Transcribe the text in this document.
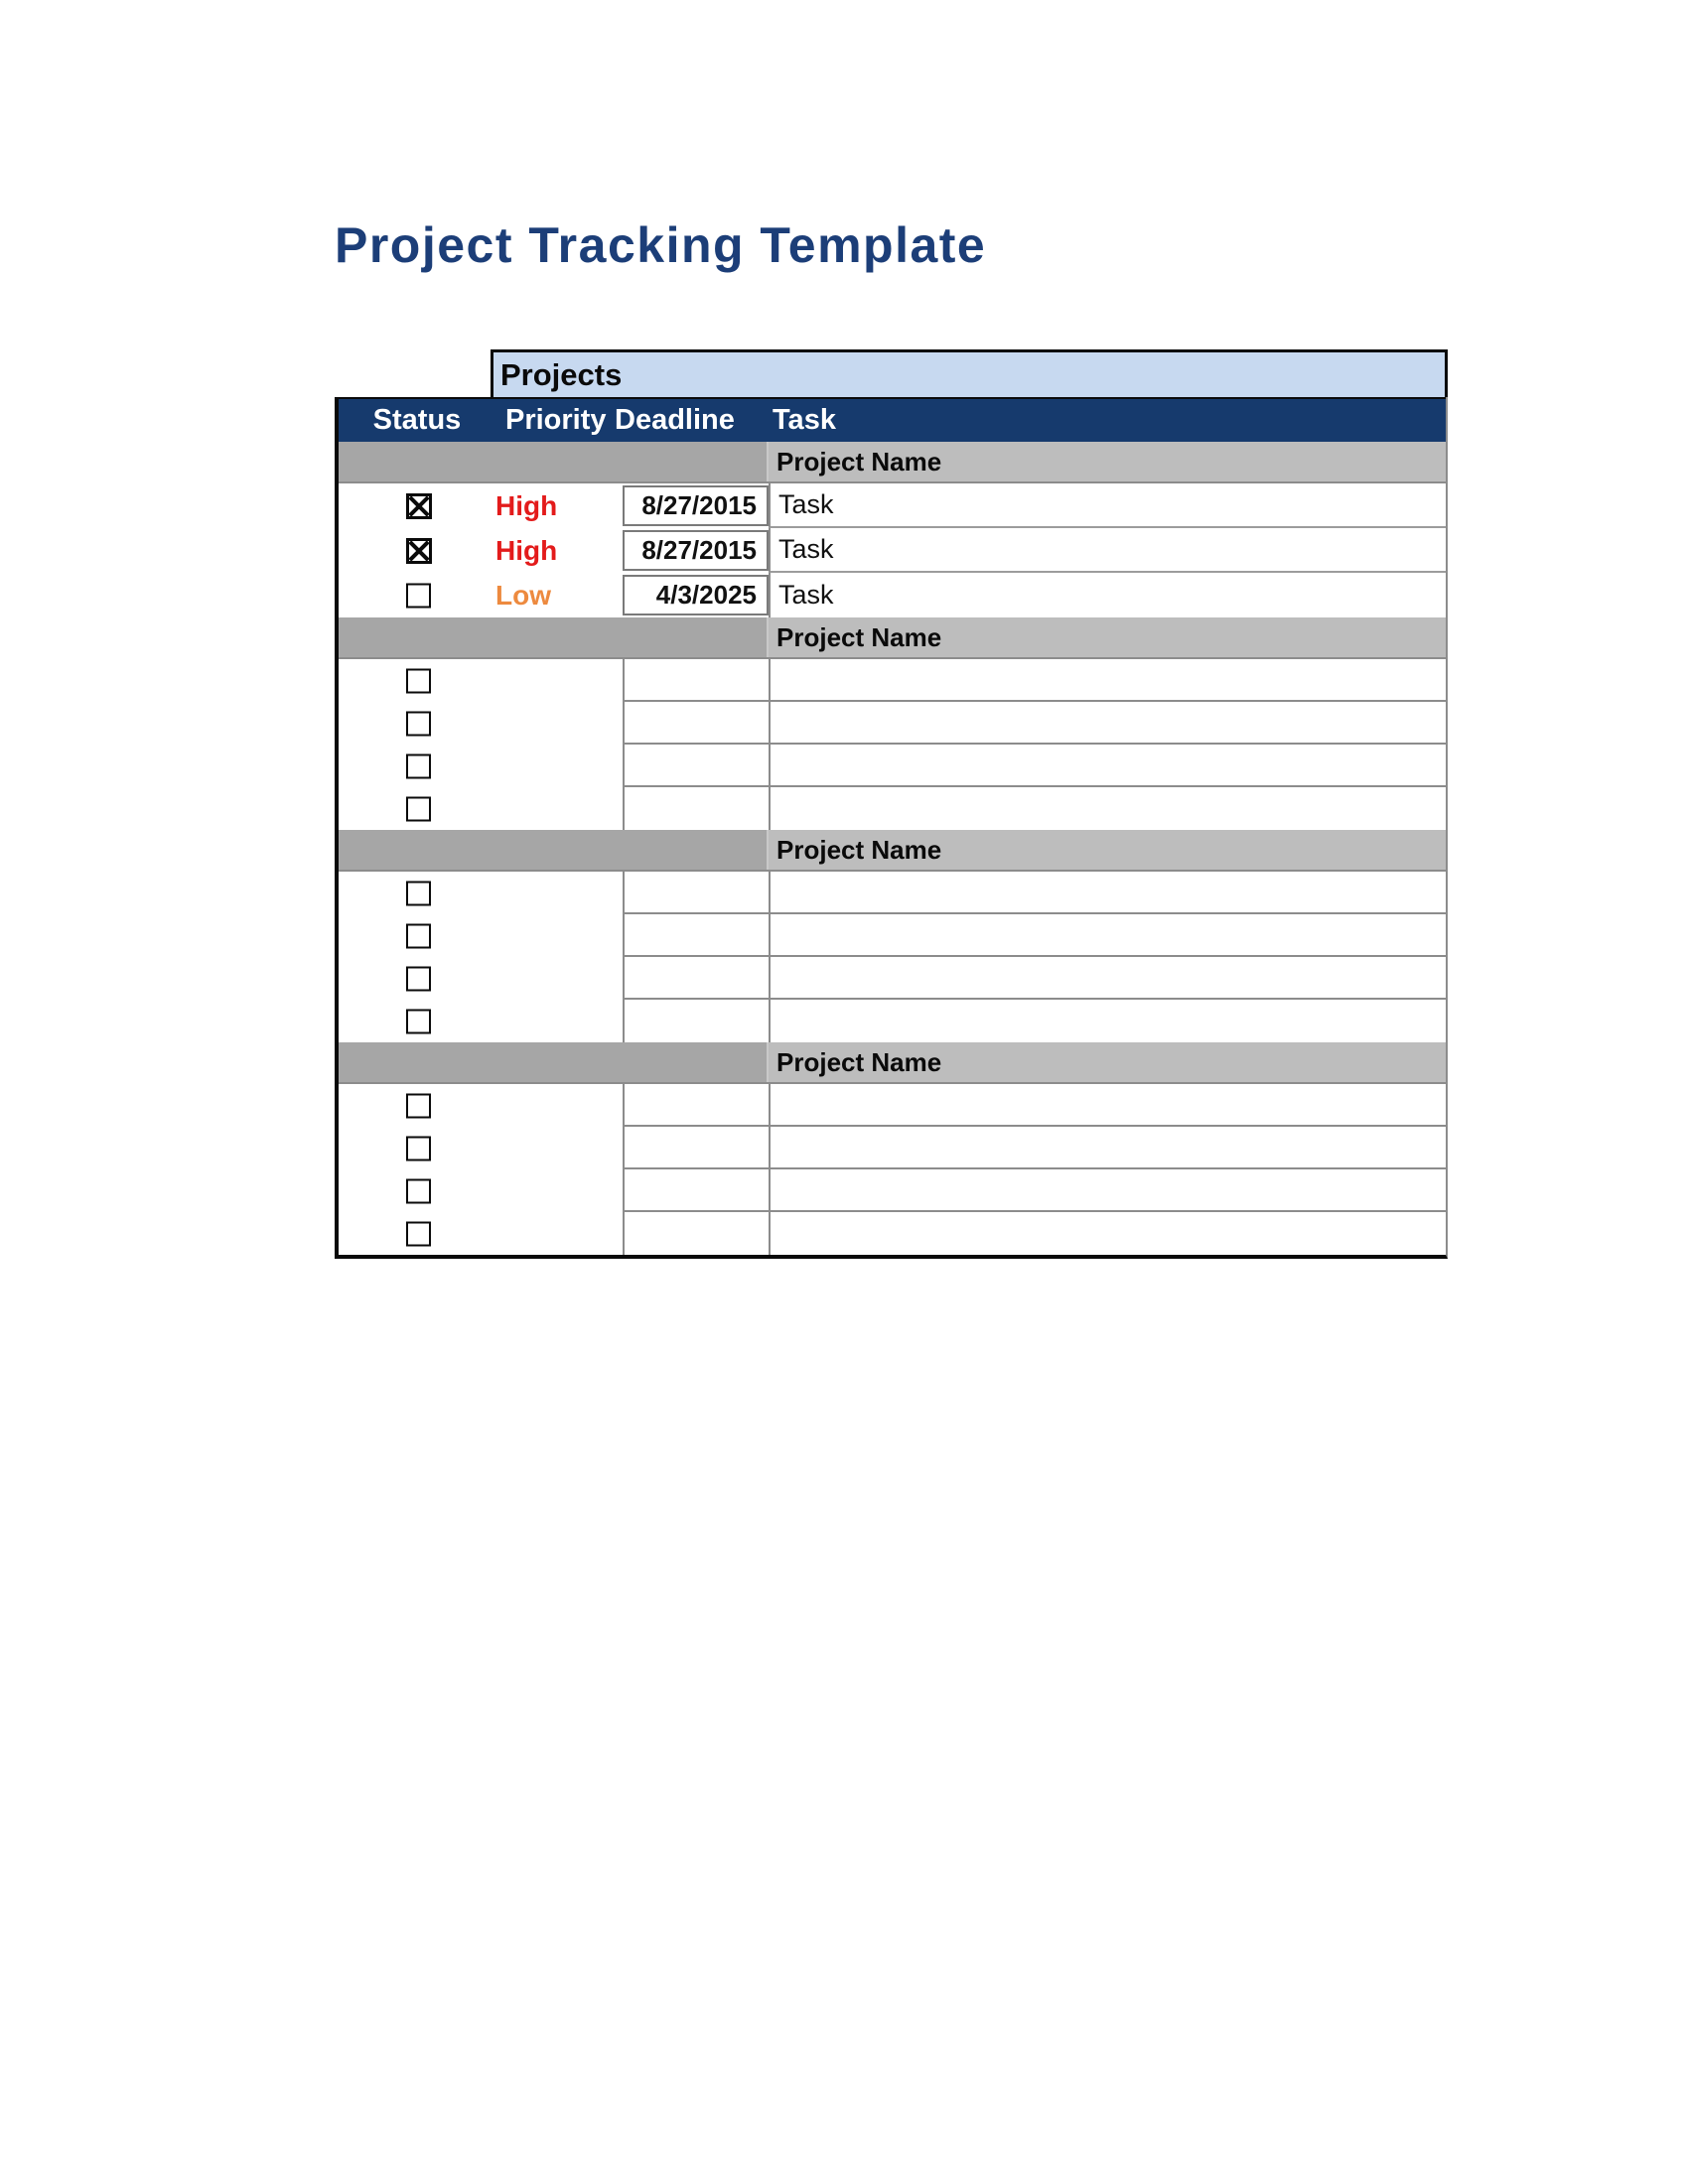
Project Tracking Template
Projects
Status	Priority Deadline	Task
Project Name
High	8/27/2015 Task
High	8/27/2015 Task
Low	4/3/2025 Task
Project Name
Project Name
Project Name
